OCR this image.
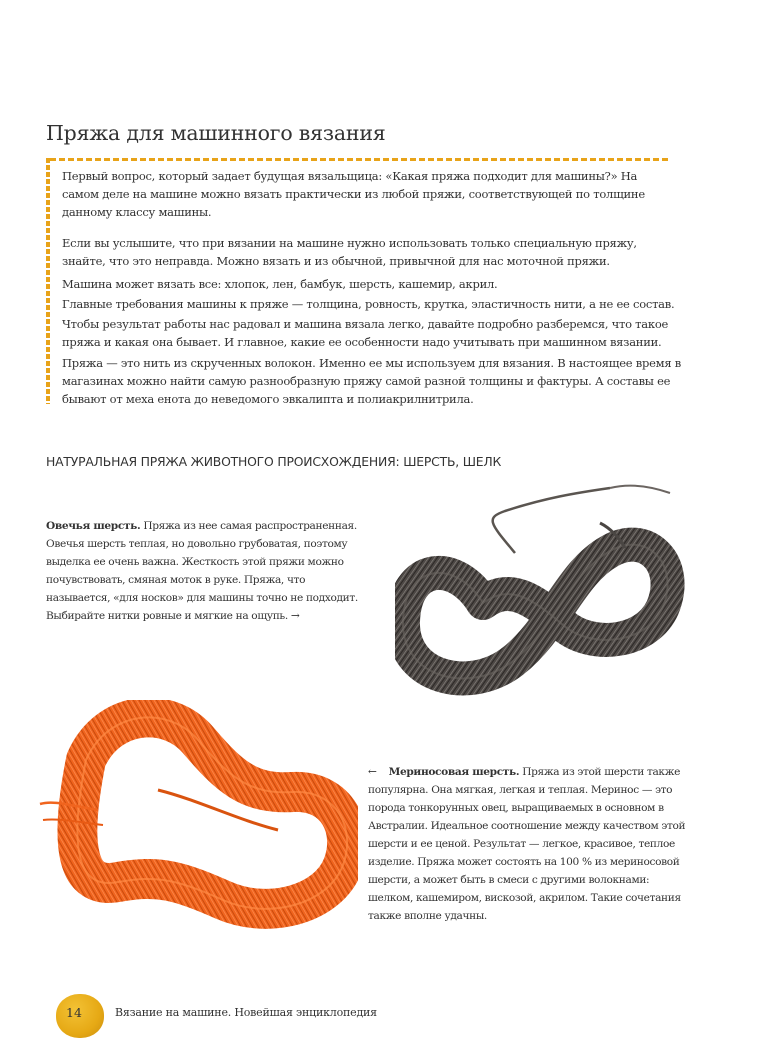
Пряжа для машинного вязания

Первый вопрос, который задает будущая вязальщица: «Какая пряжа подходит для машины?» На самом деле на машине можно вязать практически из любой пряжи, соответствующей по толщине данному классу машины.

Если вы услышите, что при вязании на машине нужно использовать только специальную пряжу, знайте, что это неправда. Можно вязать и из обычной, привычной для нас моточной пряжи.

Машина может вязать все: хлопок, лен, бамбук, шерсть, кашемир, акрил.

Главные требования машины к пряже — толщина, ровность, крутка, эластичность нити, а не ее состав.

Чтобы результат работы нас радовал и машина вязала легко, давайте подробно разберемся, что такое пряжа и какая она бывает. И главное, какие ее особенности надо учитывать при машинном вязании.

Пряжа — это нить из скрученных волокон. Именно ее мы используем для вязания. В настоящее время в магазинах можно найти самую разнообразную пряжу самой разной толщины и фактуры. А составы ее бывают от меха енота до неведомого эвкалипта и полиакрилнитрила.

НАТУРАЛЬНАЯ ПРЯЖА ЖИВОТНОГО ПРОИСХОЖДЕНИЯ: ШЕРСТЬ, ШЕЛК

Овечья шерсть. Пряжа из нее самая распространенная. Овечья шерсть теплая, но довольно грубоватая, поэтому выделка ее очень важна. Жесткость этой пряжи можно почувствовать, смяная моток в руке. Пряжа, что называется, «для носков» для машины точно не подходит. Выбирайте нитки ровные и мягкие на ощупь. →

← Мериносовая шерсть. Пряжа из этой шерсти также популярна. Она мягкая, легкая и теплая. Меринос — это порода тонкорунных овец, выращиваемых в основном в Австралии. Идеальное соотношение между качеством этой шерсти и ее ценой. Результат — легкое, красивое, теплое изделие. Пряжа может состоять на 100 % из мериносовой шерсти, а может быть в смеси с другими волокнами: шелком, кашемиром, вискозой, акрилом. Такие сочетания также вполне удачны.

14	Вязание на машине. Новейшая энциклопедия
